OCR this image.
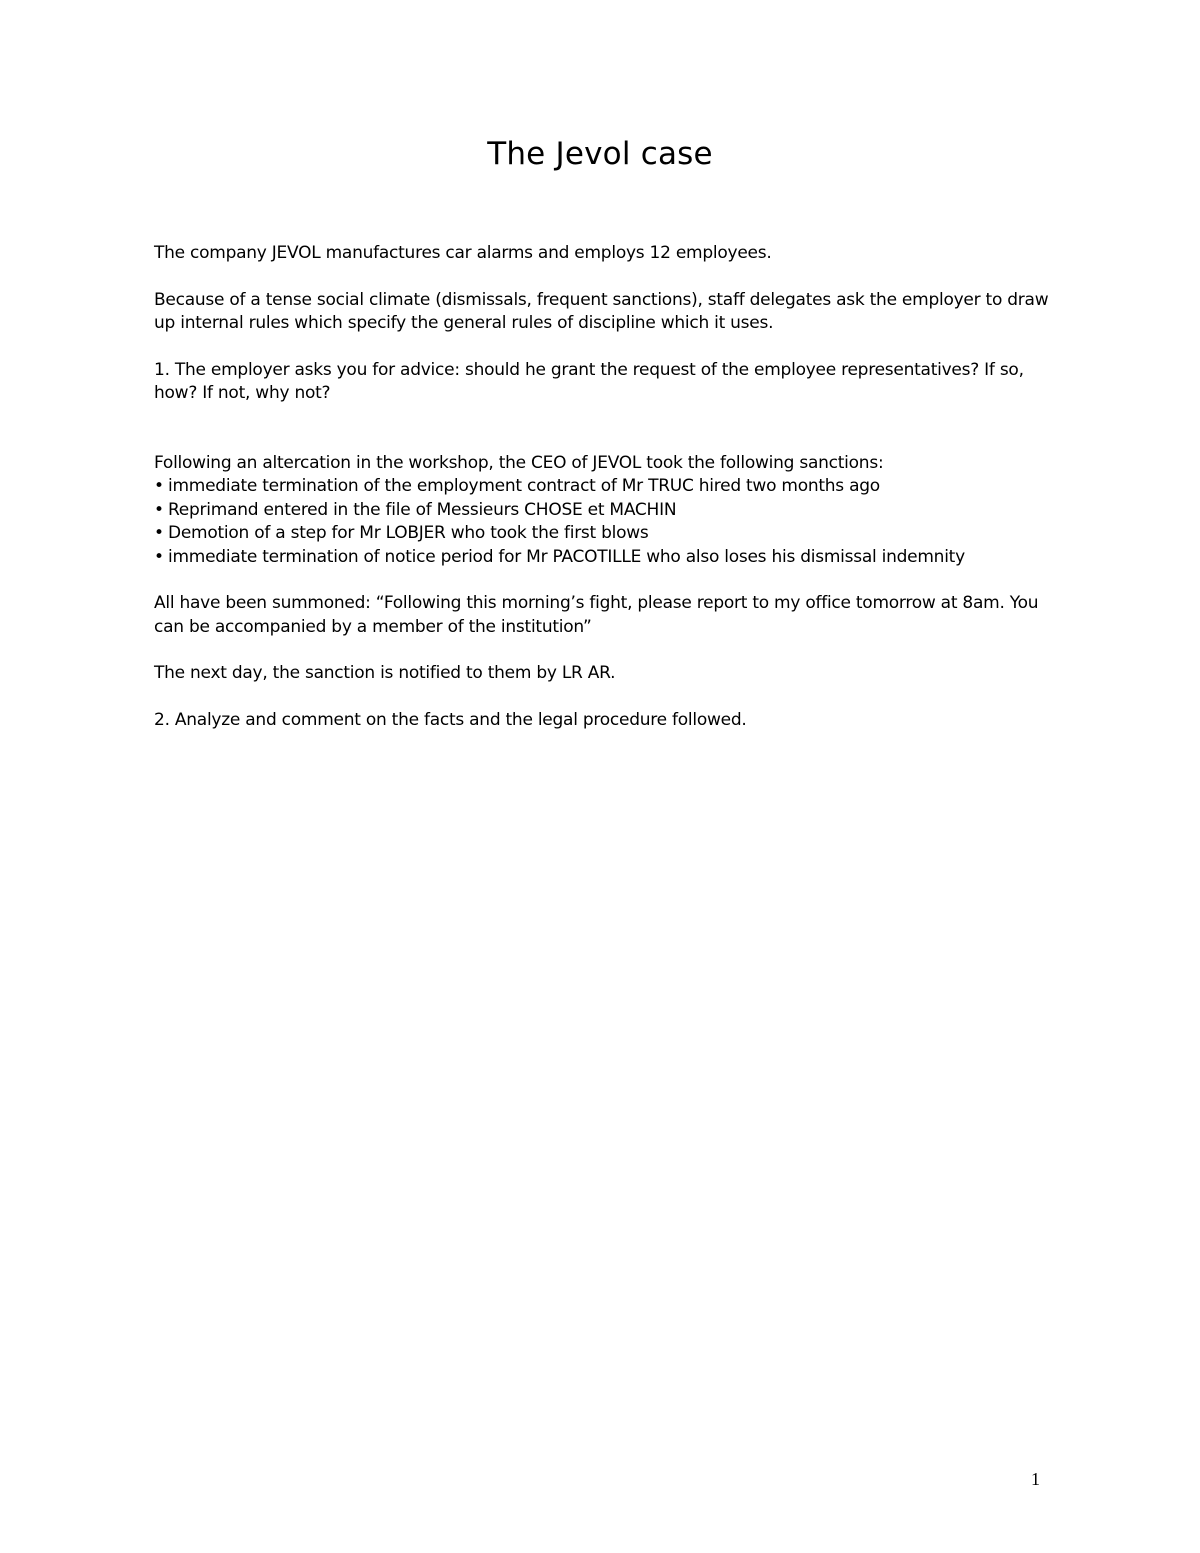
The Jevol case

The company JEVOL manufactures car alarms and employs 12 employees.

Because of a tense social climate (dismissals, frequent sanctions), staff delegates ask the employer to draw up internal rules which specify the general rules of discipline which it uses.

1. The employer asks you for advice: should he grant the request of the employee representatives? If so, how? If not, why not?

Following an altercation in the workshop, the CEO of JEVOL took the following sanctions:

• immediate termination of the employment contract of Mr TRUC hired two months ago
• Reprimand entered in the file of Messieurs CHOSE et MACHIN
• Demotion of a step for Mr LOBJER who took the first blows
• immediate termination of notice period for Mr PACOTILLE who also loses his dismissal indemnity

All have been summoned: “Following this morning’s fight, please report to my office tomorrow at 8am. You can be accompanied by a member of the institution”

The next day, the sanction is notified to them by LR AR.

2. Analyze and comment on the facts and the legal procedure followed.

1
